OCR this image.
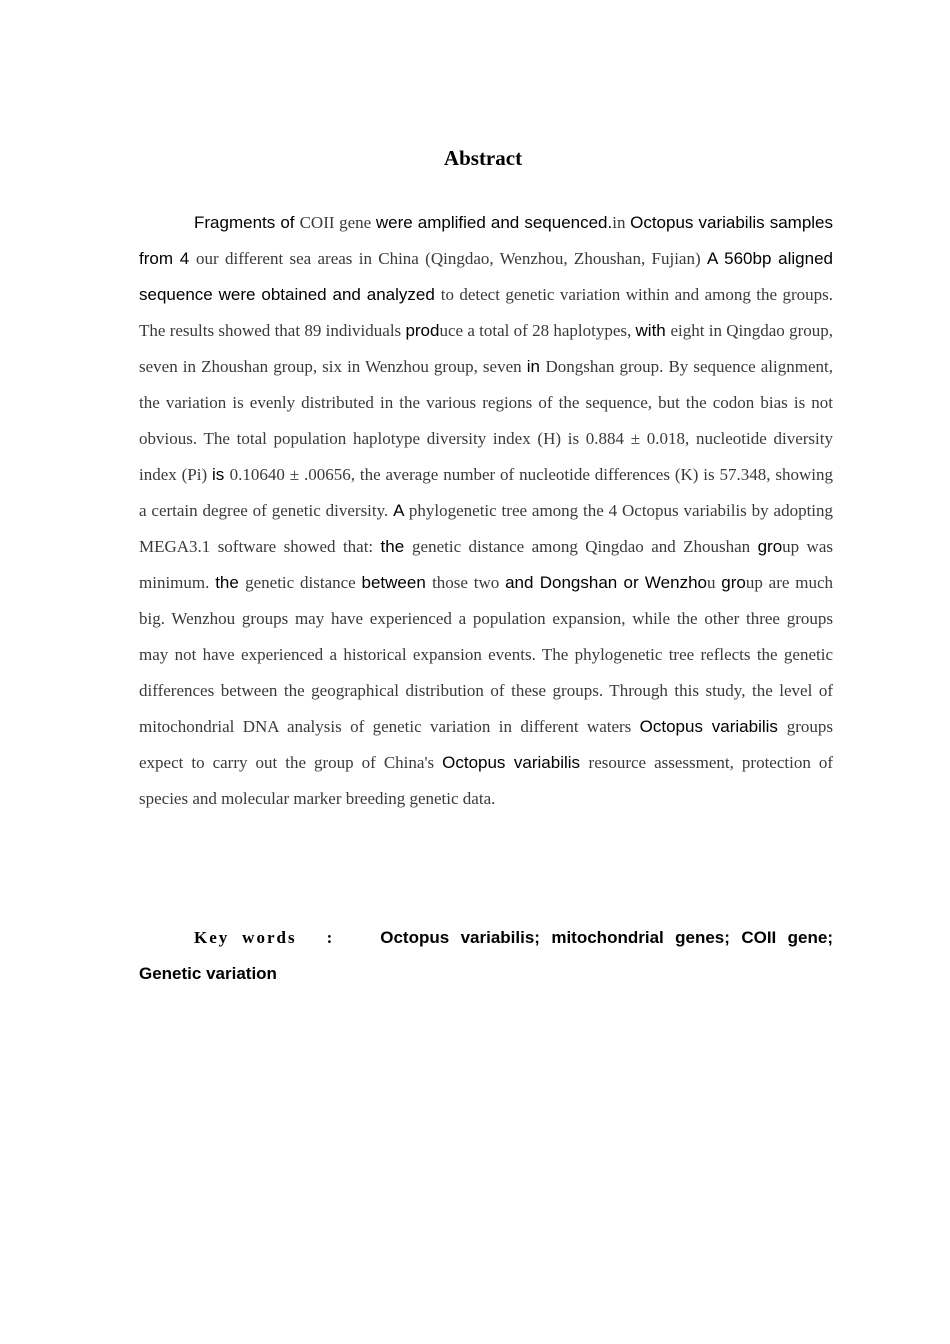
Abstract

Fragments of COII gene were amplified and sequenced.in Octopus variabilis samples from 4 our different sea areas in China (Qingdao, Wenzhou, Zhoushan, Fujian) A 560bp aligned sequence were obtained and analyzed to detect genetic variation within and among the groups. The results showed that 89 individuals produce a total of 28 haplotypes, with eight in Qingdao group, seven in Zhoushan group, six in Wenzhou group, seven in Dongshan group. By sequence alignment, the variation is evenly distributed in the various regions of the sequence, but the codon bias is not obvious. The total population haplotype diversity index (H) is 0.884 ± 0.018, nucleotide diversity index (Pi) is 0.10640 ± .00656, the average number of nucleotide differences (K) is 57.348, showing a certain degree of genetic diversity. A phylogenetic tree among the 4 Octopus variabilis by adopting MEGA3.1 software showed that: the genetic distance among Qingdao and Zhoushan group was minimum. the genetic distance between those two and Dongshan or Wenzhou group are much big. Wenzhou groups may have experienced a population expansion, while the other three groups may not have experienced a historical expansion events. The phylogenetic tree reflects the genetic differences between the geographical distribution of these groups. Through this study, the level of mitochondrial DNA analysis of genetic variation in different waters Octopus variabilis groups expect to carry out the group of China's Octopus variabilis resource assessment, protection of species and molecular marker breeding genetic data.

Key words :	Octopus variabilis; mitochondrial genes; COII gene; Genetic variation
